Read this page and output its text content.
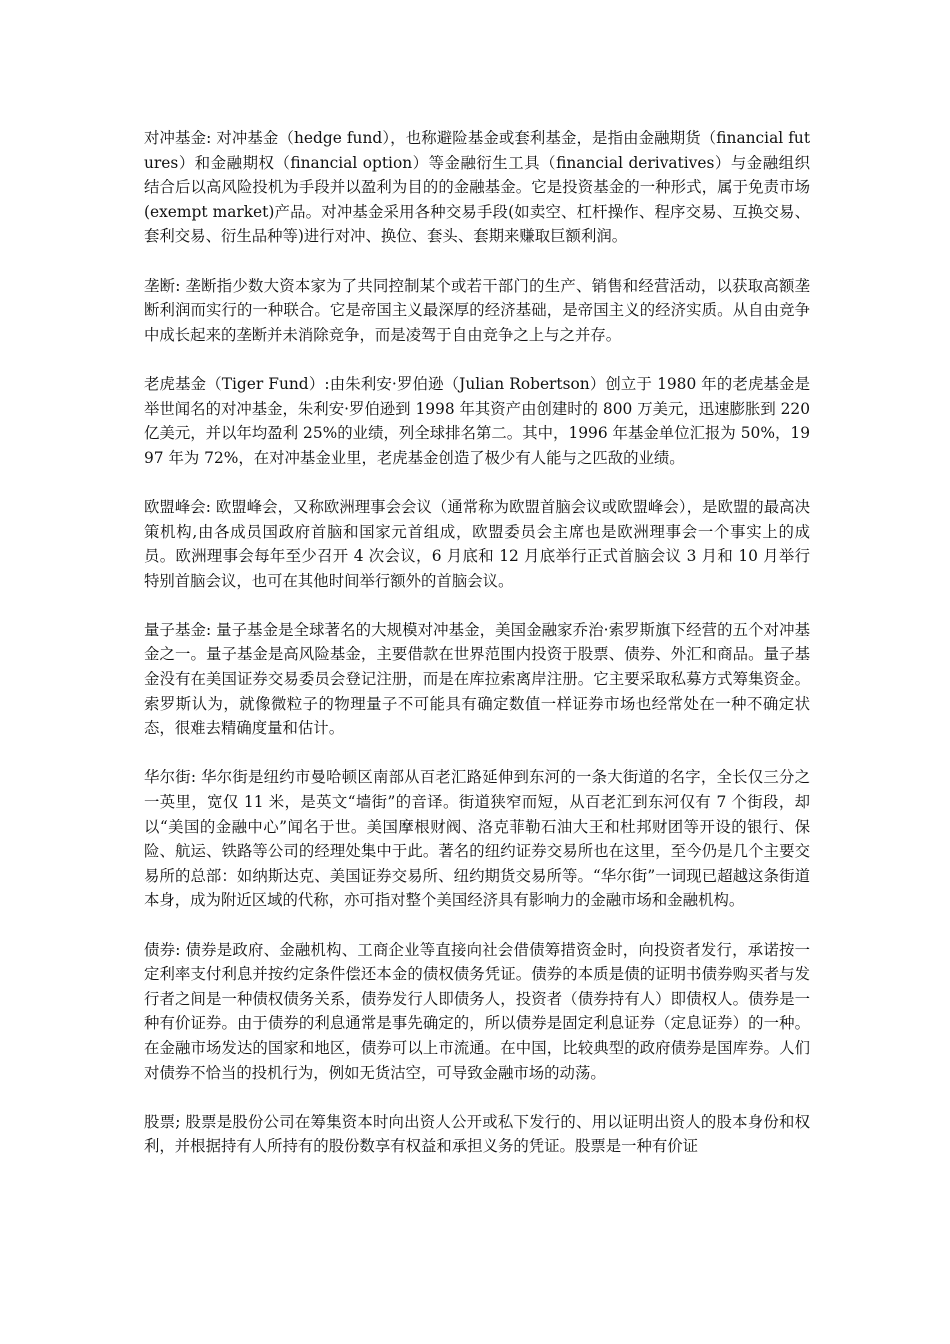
对冲基金: 对冲基金（hedge fund），也称避险基金或套利基金，是指由金融期货（financial futures）和金融期权（financial option）等金融衍生工具（financial derivatives）与金融组织结合后以高风险投机为手段并以盈利为目的的金融基金。它是投资基金的一种形式，属于免责市场(exempt market)产品。对冲基金采用各种交易手段(如卖空、杠杆操作、程序交易、互换交易、套利交易、衍生品种等)进行对冲、换位、套头、套期来赚取巨额利润。

垄断: 垄断指少数大资本家为了共同控制某个或若干部门的生产、销售和经营活动，以获取高额垄断利润而实行的一种联合。它是帝国主义最深厚的经济基础，是帝国主义的经济实质。从自由竞争中成长起来的垄断并未消除竞争，而是凌驾于自由竞争之上与之并存。

老虎基金（Tiger Fund）:由朱利安·罗伯逊（Julian Robertson）创立于 1980 年的老虎基金是举世闻名的对冲基金，朱利安·罗伯逊到 1998 年其资产由创建时的 800 万美元，迅速膨胀到 220 亿美元，并以年均盈利 25%的业绩，列全球排名第二。其中，1996 年基金单位汇报为 50%，1997 年为 72%，在对冲基金业里，老虎基金创造了极少有人能与之匹敌的业绩。

欧盟峰会: 欧盟峰会，又称欧洲理事会会议（通常称为欧盟首脑会议或欧盟峰会），是欧盟的最高决策机构,由各成员国政府首脑和国家元首组成，欧盟委员会主席也是欧洲理事会一个事实上的成员。欧洲理事会每年至少召开 4 次会议，6 月底和 12 月底举行正式首脑会议 3 月和 10 月举行特别首脑会议，也可在其他时间举行额外的首脑会议。

量子基金: 量子基金是全球著名的大规模对冲基金，美国金融家乔治·索罗斯旗下经营的五个对冲基金之一。量子基金是高风险基金，主要借款在世界范围内投资于股票、债券、外汇和商品。量子基金没有在美国证券交易委员会登记注册，而是在库拉索离岸注册。它主要采取私募方式筹集资金。索罗斯认为，就像微粒子的物理量子不可能具有确定数值一样证券市场也经常处在一种不确定状态，很难去精确度量和估计。

华尔街: 华尔街是纽约市曼哈顿区南部从百老汇路延伸到东河的一条大街道的名字，全长仅三分之一英里，宽仅 11 米，是英文“墙街”的音译。街道狭窄而短，从百老汇到东河仅有 7 个街段，却以“美国的金融中心”闻名于世。美国摩根财阀、洛克菲勒石油大王和杜邦财团等开设的银行、保险、航运、铁路等公司的经理处集中于此。著名的纽约证券交易所也在这里，至今仍是几个主要交易所的总部：如纳斯达克、美国证券交易所、纽约期货交易所等。“华尔街”一词现已超越这条街道本身，成为附近区域的代称，亦可指对整个美国经济具有影响力的金融市场和金融机构。

债券: 债券是政府、金融机构、工商企业等直接向社会借债筹措资金时，向投资者发行，承诺按一定利率支付利息并按约定条件偿还本金的债权债务凭证。债券的本质是债的证明书债券购买者与发行者之间是一种债权债务关系，债券发行人即债务人，投资者（债券持有人）即债权人。债券是一种有价证券。由于债券的利息通常是事先确定的，所以债券是固定利息证券（定息证券）的一种。在金融市场发达的国家和地区，债券可以上市流通。在中国，比较典型的政府债券是国库券。人们对债券不恰当的投机行为，例如无货沽空，可导致金融市场的动荡。

股票; 股票是股份公司在筹集资本时向出资人公开或私下发行的、用以证明出资人的股本身份和权利，并根据持有人所持有的股份数享有权益和承担义务的凭证。股票是一种有价证
